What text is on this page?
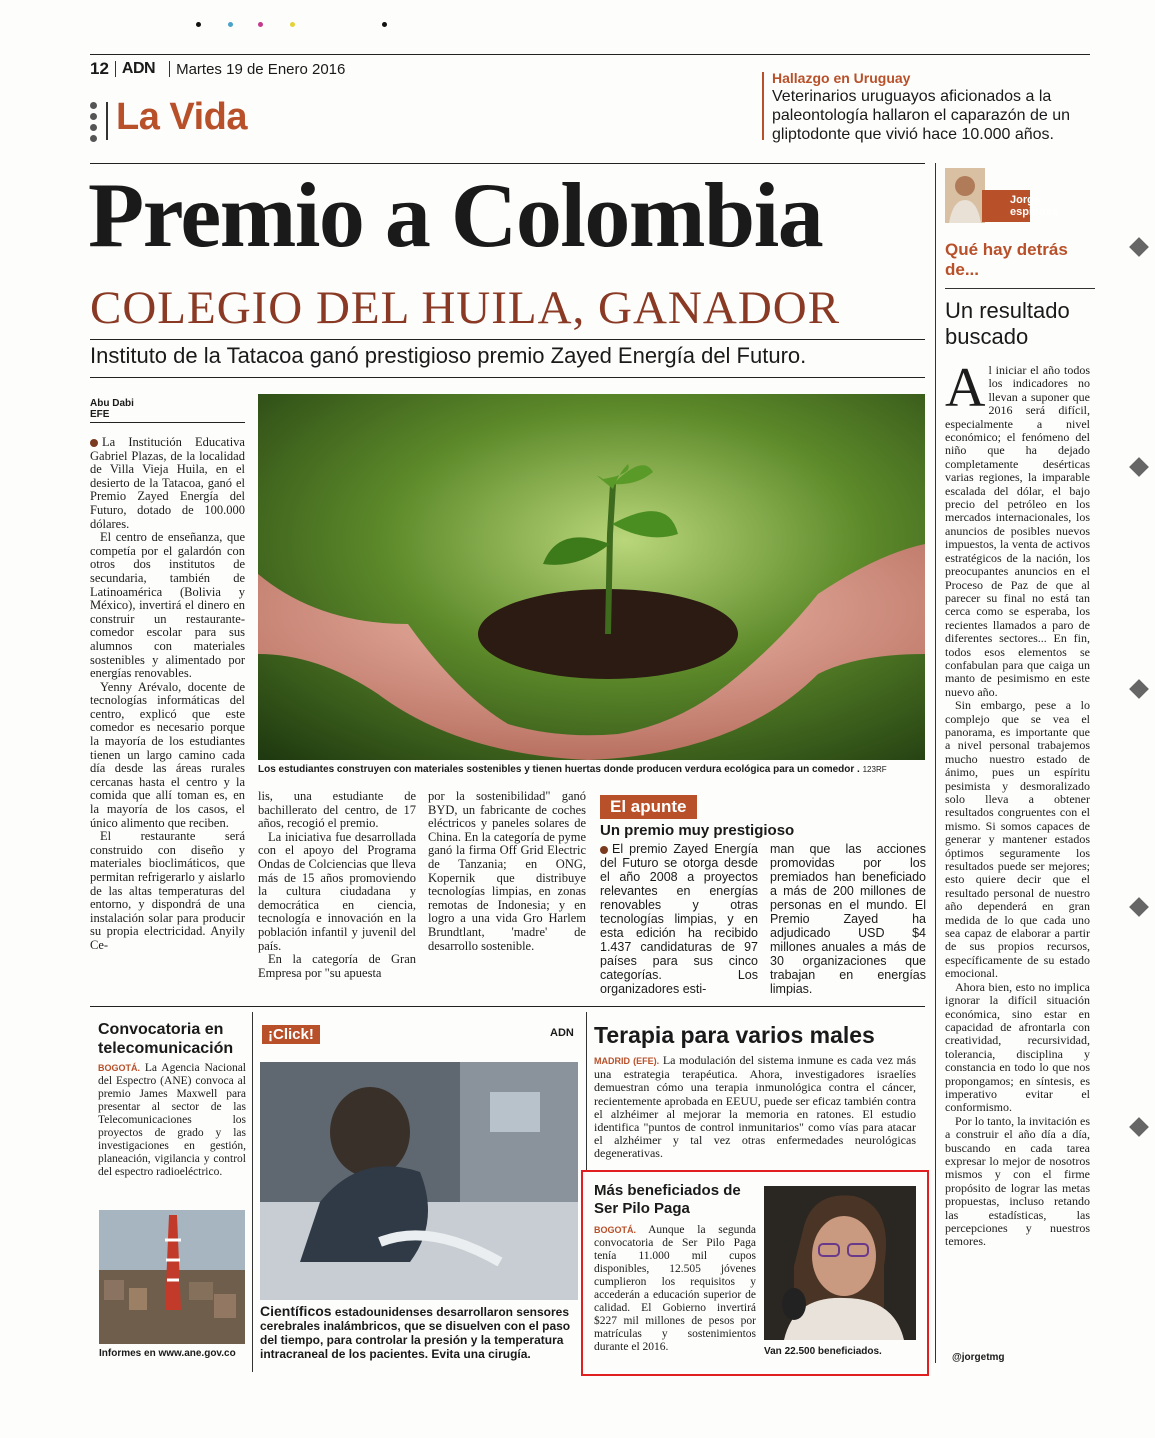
12 ADN Martes 19 de Enero 2016
La Vida
Hallazgo en Uruguay
Veterinarios uruguayos aficionados a la paleontología hallaron el caparazón de un gliptodonte que vivió hace 10.000 años.
Premio a Colombia
COLEGIO DEL HUILA, GANADOR
Instituto de la Tatacoa ganó prestigioso premio Zayed Energía del Futuro.
Abu Dabi
EFE

La Institución Educativa Gabriel Plazas, de la localidad de Villa Vieja Huila, en el desierto de la Tatacoa, ganó el Premio Zayed Energía del Futuro, dotado de 100.000 dólares.

El centro de enseñanza, que competía por el galardón con otros dos institutos de secundaria, también de Latinoamérica (Bolivia y México), invertirá el dinero en construir un restaurante-comedor escolar para sus alumnos con materiales sostenibles y alimentado por energías renovables.

Yenny Arévalo, docente de tecnologías informáticas del centro, explicó que este comedor es necesario porque la mayoría de los estudiantes tienen un largo camino cada día desde las áreas rurales cercanas hasta el centro y la comida que allí toman es, en la mayoría de los casos, el único alimento que reciben.

El restaurante será construido con diseño y materiales bioclimáticos, que permitan refrigerarlo y aislarlo de las altas temperaturas del entorno, y dispondrá de una instalación solar para producir su propia electricidad. Anyily Ce-

Los estudiantes construyen con materiales sostenibles y tienen huertas donde producen verdura ecológica para un comedor . 123RF

lis, una estudiante de bachillerato del centro, de 17 años, recogió el premio.

La iniciativa fue desarrollada con el apoyo del Programa Ondas de Colciencias que lleva más de 15 años promoviendo la cultura ciudadana y democrática en ciencia, tecnología e innovación en la población infantil y juvenil del país.

En la categoría de Gran Empresa por "su apuesta

por la sostenibilidad" ganó BYD, un fabricante de coches eléctricos y paneles solares de China. En la categoría de pyme ganó la firma Off Grid Electric de Tanzania; en ONG, Kopernik que distribuye tecnologías limpias, en zonas remotas de Indonesia; y en logro a una vida Gro Harlem Brundtlant, 'madre' de desarrollo sostenible.

El apunte
Un premio muy prestigioso
El premio Zayed Energía del Futuro se otorga desde el año 2008 a proyectos relevantes en energías renovables y otras tecnologías limpias, y en esta edición ha recibido 1.437 candidaturas de 97 países para sus cinco categorías. Los organizadores esti-
man que las acciones promovidas por los premiados han beneficiado a más de 200 millones de personas en el mundo. El Premio Zayed ha adjudicado USD $4 millones anuales a más de 30 organizaciones que trabajan en energías limpias.
Jorgé
espinosa
Qué hay detrás de...
Un resultado buscado
A l iniciar el año todos los indicadores no llevan a suponer que 2016 será difícil, especialmente a nivel económico; el fenómeno del niño que ha dejado completamente desérticas varias regiones, la imparable escalada del dólar, el bajo precio del petróleo en los mercados internacionales, los anuncios de posibles nuevos impuestos, la venta de activos estratégicos de la nación, los preocupantes anuncios en el Proceso de Paz de que al parecer su final no está tan cerca como se esperaba, los recientes llamados a paro de diferentes sectores... En fin, todos esos elementos se confabulan para que caiga un manto de pesimismo en este nuevo año.

Sin embargo, pese a lo complejo que se vea el panorama, es importante que a nivel personal trabajemos mucho nuestro estado de ánimo, pues un espíritu pesimista y desmoralizado solo lleva a obtener resultados congruentes con el mismo. Si somos capaces de generar y mantener estados óptimos seguramente los resultados puede ser mejores; esto quiere decir que el resultado personal de nuestro año dependerá en gran medida de lo que cada uno sea capaz de elaborar a partir de sus propios recursos, específicamente de su estado emocional.

Ahora bien, esto no implica ignorar la difícil situación económica, sino estar en capacidad de afrontarla con creatividad, recursividad, tolerancia, disciplina y constancia en todo lo que nos propongamos; en síntesis, es imperativo evitar el conformismo.

Por lo tanto, la invitación es a construir el año día a día, buscando en cada tarea expresar lo mejor de nosotros mismos y con el firme propósito de lograr las metas propuestas, incluso retando las estadísticas, las percepciones y nuestros temores.

@jorgetmg
Convocatoria en telecomunicación
BOGOTÁ. La Agencia Nacional del Espectro (ANE) convoca al premio James Maxwell para presentar al sector de las Telecomunicaciones los proyectos de grado y las investigaciones en gestión, planeación, vigilancia y control del espectro radioeléctrico.
Informes en www.ane.gov.co
¡Click!	ADN
Científicos estadounidenses desarrollaron sensores cerebrales inalámbricos, que se disuelven con el paso del tiempo, para controlar la presión y la temperatura intracraneal de los pacientes. Evita una cirugía.
Terapia para varios males
MADRID (EFE). La modulación del sistema inmune es cada vez más una estrategia terapéutica. Ahora, investigadores israelíes demuestran cómo una terapia inmunológica contra el cáncer, recientemente aprobada en EEUU, puede ser eficaz también contra el alzhéimer al mejorar la memoria en ratones. El estudio identifica "puntos de control inmunitarios" como vías para atacar el alzhéimer y tal vez otras enfermedades neurológicas degenerativas.
Más beneficiados de Ser Pilo Paga
BOGOTÁ. Aunque la segunda convocatoria de Ser Pilo Paga tenía 11.000 mil cupos disponibles, 12.505 jóvenes cumplieron los requisitos y accederán a educación superior de calidad. El Gobierno invertirá $227 mil millones de pesos por matrículas y sostenimientos durante el 2016.	Van 22.500 beneficiados.
